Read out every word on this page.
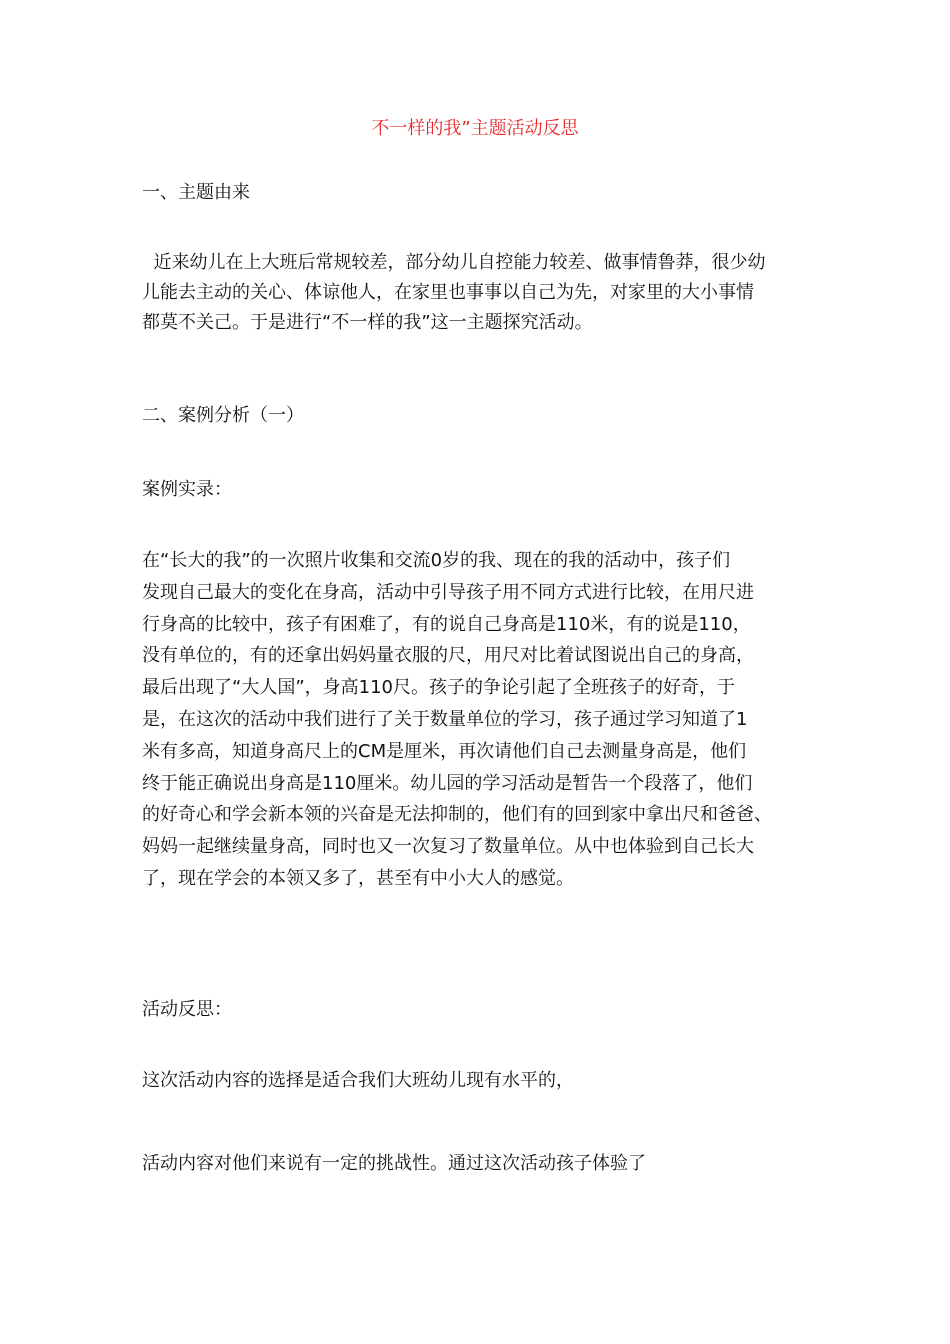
不一样的我”主题活动反思
一、主题由来
近来幼儿在上大班后常规较差，部分幼儿自控能力较差、做事情鲁莽，很少幼
儿能去主动的关心、体谅他人，在家里也事事以自己为先，对家里的大小事情
都莫不关己。于是进行“不一样的我”这一主题探究活动。
二、案例分析（一）
案例实录：
在“长大的我”的一次照片收集和交流0岁的我、现在的我的活动中，孩子们
发现自己最大的变化在身高，活动中引导孩子用不同方式进行比较，在用尺进
行身高的比较中，孩子有困难了，有的说自己身高是110米，有的说是110，
没有单位的，有的还拿出妈妈量衣服的尺，用尺对比着试图说出自己的身高，
最后出现了“大人国”，身高110尺。孩子的争论引起了全班孩子的好奇，于
是，在这次的活动中我们进行了关于数量单位的学习，孩子通过学习知道了1
米有多高，知道身高尺上的CM是厘米，再次请他们自己去测量身高是，他们
终于能正确说出身高是110厘米。幼儿园的学习活动是暂告一个段落了，他们
的好奇心和学会新本领的兴奋是无法抑制的，他们有的回到家中拿出尺和爸爸、
妈妈一起继续量身高，同时也又一次复习了数量单位。从中也体验到自己长大
了，现在学会的本领又多了，甚至有中小大人的感觉。
活动反思：
这次活动内容的选择是适合我们大班幼儿现有水平的，
活动内容对他们来说有一定的挑战性。通过这次活动孩子体验了
